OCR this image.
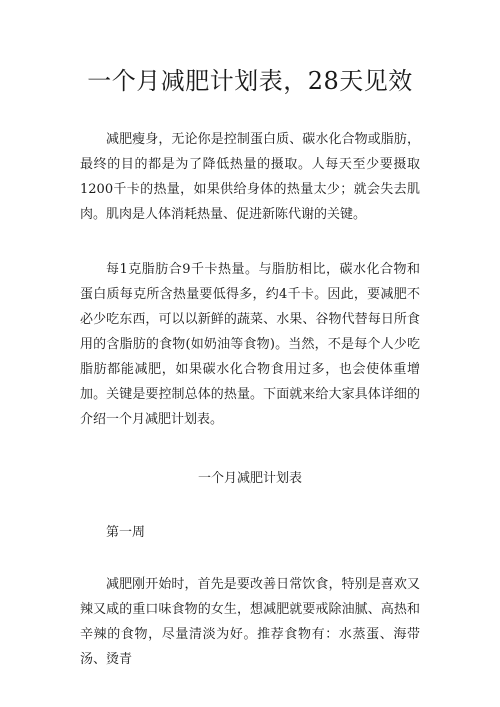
一个月减肥计划表，28天见效

减肥瘦身，无论你是控制蛋白质、碳水化合物或脂肪，最终的目的都是为了降低热量的摄取。人每天至少要摄取1200千卡的热量，如果供给身体的热量太少；就会失去肌肉。肌肉是人体消耗热量、促进新陈代谢的关键。

每1克脂肪合9千卡热量。与脂肪相比，碳水化合物和蛋白质每克所含热量要低得多，约4千卡。因此，要减肥不必少吃东西，可以以新鲜的蔬菜、水果、谷物代替每日所食用的含脂肪的食物(如奶油等食物)。当然，不是每个人少吃脂肪都能减肥，如果碳水化合物食用过多，也会使体重增加。关键是要控制总体的热量。下面就来给大家具体详细的介绍一个月减肥计划表。

一个月减肥计划表

第一周

减肥刚开始时，首先是要改善日常饮食，特别是喜欢又辣又咸的重口味食物的女生，想减肥就要戒除油腻、高热和辛辣的食物，尽量清淡为好。推荐食物有：水蒸蛋、海带汤、烫青
